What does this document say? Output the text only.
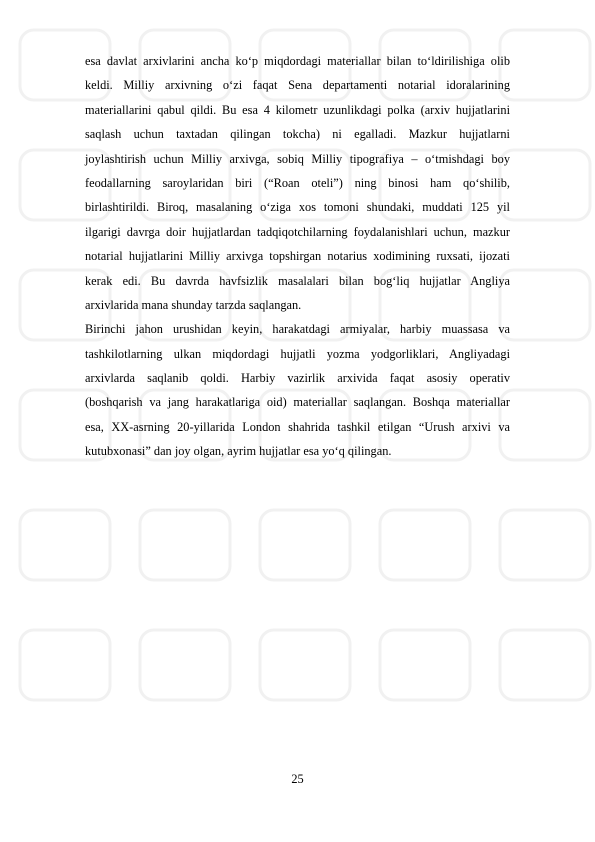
esa davlat arxivlarini ancha ko‘p miqdordagi materiallar bilan to‘ldirilishiga olib
keldi. Milliy arxivning o‘zi faqat Sena departamenti notarial idoralarining
materiallarini qabul qildi. Bu esa 4 kilometr uzunlikdagi polka (arxiv hujjatlarini
saqlash uchun taxtadan qilingan tokcha) ni egalladi. Mazkur hujjatlarni
joylashtirish uchun Milliy arxivga, sobiq Milliy tipografiya – o‘tmishdagi boy
feodallarning saroylaridan biri (“Roan oteli”) ning binosi ham qo‘shilib,
birlashtirildi. Biroq, masalaning o‘ziga xos tomoni shundaki, muddati 125 yil
ilgarigi davrga doir hujjatlardan tadqiqotchilarning foydalanishlari uchun, mazkur
notarial hujjatlarini Milliy arxivga topshirgan notarius xodimining ruxsati, ijozati
kerak edi. Bu davrda havfsizlik masalalari bilan bog‘liq hujjatlar Angliya
arxivlarida mana shunday tarzda saqlangan.
Birinchi jahon urushidan keyin, harakatdagi armiyalar, harbiy muassasa va
tashkilotlarning ulkan miqdordagi hujjatli yozma yodgorliklari, Angliyadagi
arxivlarda saqlanib qoldi. Harbiy vazirlik arxivida faqat asosiy operativ
(boshqarish va jang harakatlariga oid) materiallar saqlangan. Boshqa materiallar
esa, XX-asrning 20-yillarida London shahrida tashkil etilgan “Urush arxivi va
kutubxonasi” dan joy olgan, ayrim hujjatlar esa yo‘q qilingan.
25
